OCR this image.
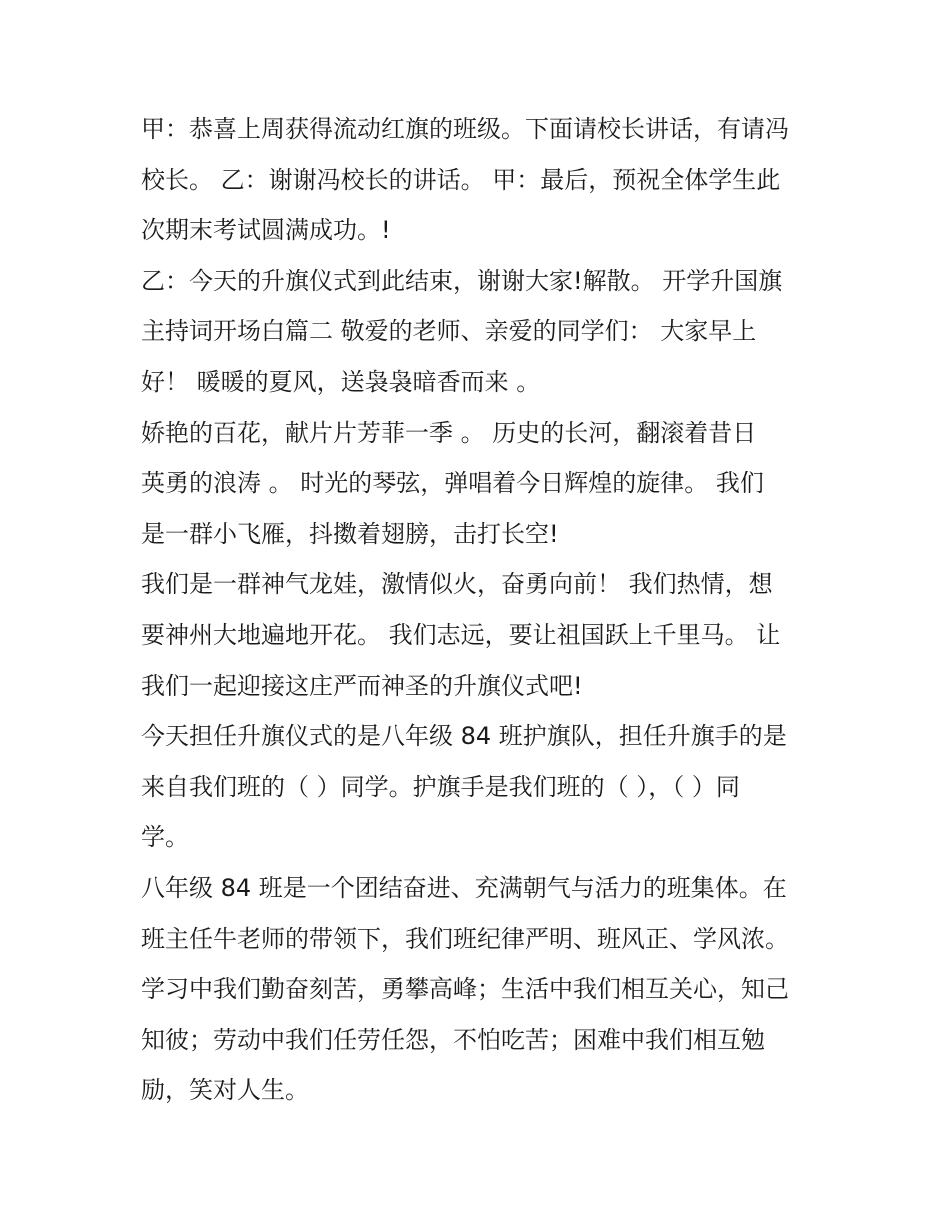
甲：恭喜上周获得流动红旗的班级。下面请校长讲话，有请冯
校长。 乙：谢谢冯校长的讲话。 甲：最后，预祝全体学生此
次期末考试圆满成功。!

乙：今天的升旗仪式到此结束，谢谢大家!解散。 开学升国旗
主持词开场白篇二 敬爱的老师、亲爱的同学们： 大家早上
好！ 暖暖的夏风，送袅袅暗香而来 。

娇艳的百花，献片片芳菲一季 。 历史的长河，翻滚着昔日
英勇的浪涛 。 时光的琴弦，弹唱着今日辉煌的旋律。 我们
是一群小飞雁，抖擞着翅膀，击打长空!

我们是一群神气龙娃，激情似火，奋勇向前！ 我们热情，想
要神州大地遍地开花。 我们志远，要让祖国跃上千里马。 让
我们一起迎接这庄严而神圣的升旗仪式吧!

今天担任升旗仪式的是八年级 84 班护旗队，担任升旗手的是
来自我们班的（ ）同学。护旗手是我们班的（ ），（ ）同
学。

八年级 84 班是一个团结奋进、充满朝气与活力的班集体。在
班主任牛老师的带领下，我们班纪律严明、班风正、学风浓。
学习中我们勤奋刻苦，勇攀高峰；生活中我们相互关心，知己
知彼；劳动中我们任劳任怨，不怕吃苦；困难中我们相互勉
励，笑对人生。
